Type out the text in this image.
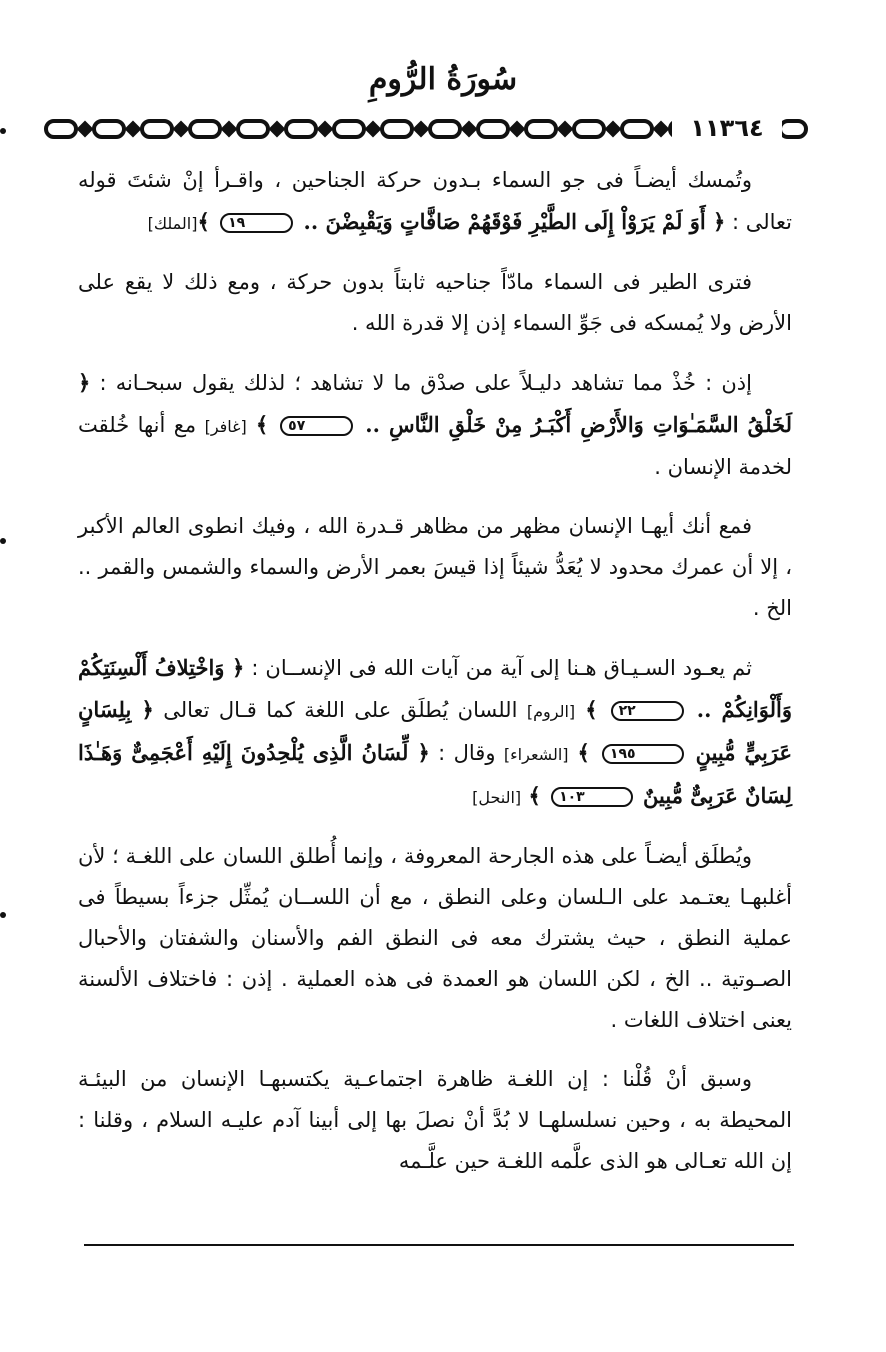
سُورَةُ الرُّومِ
١١٣٦٤

وتُمسك أيضـاً فى جو السماء بـدون حركة الجناحين ، واقـرأ إنْ شئتَ قوله تعالى : ﴿ أَوَ لَمْ يَرَوْاْ إِلَى الطَّيْرِ فَوْقَهُمْ صَافَّاتٍ وَيَقْبِضْنَ .. ١٩ ﴾[الملك]

فترى الطير فى السماء مادّاً جناحيه ثابتاً بدون حركة ، ومع ذلك لا يقع على الأرض ولا يُمسكه فى جَوِّ السماء إذن إلا قدرة الله .

إذن : خُذْ مما تشاهد دليـلاً على صدْق ما لا تشاهد ؛ لذلك يقول سبحـانه : ﴿ لَخَلْقُ السَّمَـٰوَاتِ وَالأَرْضِ أَكْبَـرُ مِنْ خَلْقِ النَّاسِ .. ٥٧ ﴾ [غافر] مع أنها خُلقت لخدمة الإنسان .

فمع أنك أيهـا الإنسان مظهر من مظاهر قـدرة الله ، وفيك انطوى العالم الأكبر ، إلا أن عمرك محدود لا يُعَدُّ شيئاً إذا قيسَ بعمر الأرض والسماء والشمس والقمر .. الخ .

ثم يعـود السـيـاق هـنا إلى آية من آيات الله فى الإنســان : ﴿ وَاخْتِلافُ أَلْسِنَتِكُمْ وَأَلْوَانِكُمْ .. ٢٢ ﴾ [الروم] اللسان يُطلَق على اللغة كما قـال تعالى ﴿ بِلِسَانٍ عَرَبِيٍّ مُّبِينٍ ١٩٥ ﴾ [الشعراء] وقال : ﴿ لِّسَانُ الَّذِى يُلْحِدُونَ إِلَيْهِ أَعْجَمِىٌّ وَهَـٰذَا لِسَانٌ عَرَبِىٌّ مُّبِينٌ ١٠٣ ﴾ [النحل]

ويُطلَق أيضـاً على هذه الجارحة المعروفة ، وإنما أُطلق اللسان على اللغـة ؛ لأن أغلبهـا يعتـمد على الـلسان وعلى النطق ، مع أن اللســان يُمثِّل جزءاً بسيطاً فى عملية النطق ، حيث يشترك معه فى النطق الفم والأسنان والشفتان والأحبال الصـوتية .. الخ ، لكن اللسان هو العمدة فى هذه العملية . إذن : فاختلاف الألسنة يعنى اختلاف اللغات .

وسبق أنْ قُلْنا : إن اللغـة ظاهرة اجتماعـية يكتسبهـا الإنسان من البيئـة المحيطة به ، وحين نسلسلهـا لا بُدَّ أنْ نصلَ بها إلى أبينا آدم عليـه السلام ، وقلنا : إن الله تعـالى هو الذى علَّمه اللغـة حين علَّـمه
